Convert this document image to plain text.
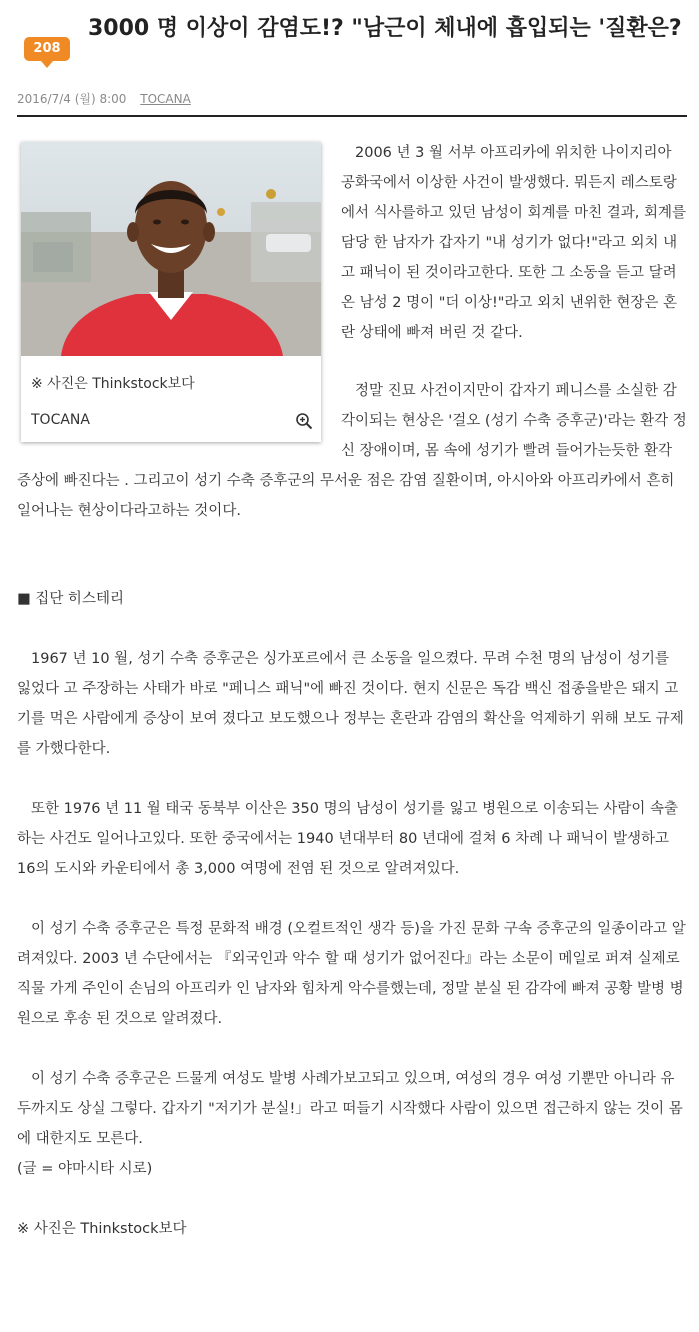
208
3000 명 이상이 감염도!? "남근이 체내에 흡입되는 '질환은?
2016/7/4 (월) 8:00 TOCANA
※ 사진은 Thinkstock보다
TOCANA

2006 년 3 월 서부 아프리카에 위치한 나이지리아 공화국에서 이상한 사건이 발생했다. 뭐든지 레스토랑에서 식사를하고 있던 남성이 회계를 마친 결과, 회계를 담당 한 남자가 갑자기 "내 성기가 없다!"라고 외치 내고 패닉이 된 것이라고한다. 또한 그 소동을 듣고 달려온 남성 2 명이 "더 이상!"라고 외치 낸위한 현장은 혼란 상태에 빠져 버린 것 같다.

정말 진묘 사건이지만이 갑자기 페니스를 소실한 감각이되는 현상은 '걸오 (성기 수축 증후군)'라는 환각 정신 장애이며, 몸 속에 성기가 빨려 들어가는듯한 환각 증상에 빠진다는 . 그리고이 성기 수축 증후군의 무서운 점은 감염 질환이며, 아시아와 아프리카에서 흔히 일어나는 현상이다라고하는 것이다.

■ 집단 히스테리

1967 년 10 월, 성기 수축 증후군은 싱가포르에서 큰 소동을 일으켰다. 무려 수천 명의 남성이 성기를 잃었다 고 주장하는 사태가 바로 "페니스 패닉"에 빠진 것이다. 현지 신문은 독감 백신 접종을받은 돼지 고기를 먹은 사람에게 증상이 보여 졌다고 보도했으나 정부는 혼란과 감염의 확산을 억제하기 위해 보도 규제를 가했다한다.

또한 1976 년 11 월 태국 동북부 이산은 350 명의 남성이 성기를 잃고 병원으로 이송되는 사람이 속출하는 사건도 일어나고있다. 또한 중국에서는 1940 년대부터 80 년대에 걸쳐 6 차례 나 패닉이 발생하고 16의 도시와 카운티에서 총 3,000 여명에 전염 된 것으로 알려져있다.

이 성기 수축 증후군은 특정 문화적 배경 (오컬트적인 생각 등)을 가진 문화 구속 증후군의 일종이라고 알려져있다. 2003 년 수단에서는 『외국인과 악수 할 때 성기가 없어진다』라는 소문이 메일로 퍼져 실제로 직물 가게 주인이 손님의 아프리카 인 남자와 힘차게 악수를했는데, 정말 분실 된 감각에 빠져 공황 발병 병원으로 후송 된 것으로 알려졌다.

이 성기 수축 증후군은 드물게 여성도 발병 사례가보고되고 있으며, 여성의 경우 여성 기뿐만 아니라 유두까지도 상실 그렇다. 갑자기 "저기가 분실!」라고 떠들기 시작했다 사람이 있으면 접근하지 않는 것이 몸에 대한지도 모른다.

(글 = 야마시타 시로)

※ 사진은 Thinkstock보다
